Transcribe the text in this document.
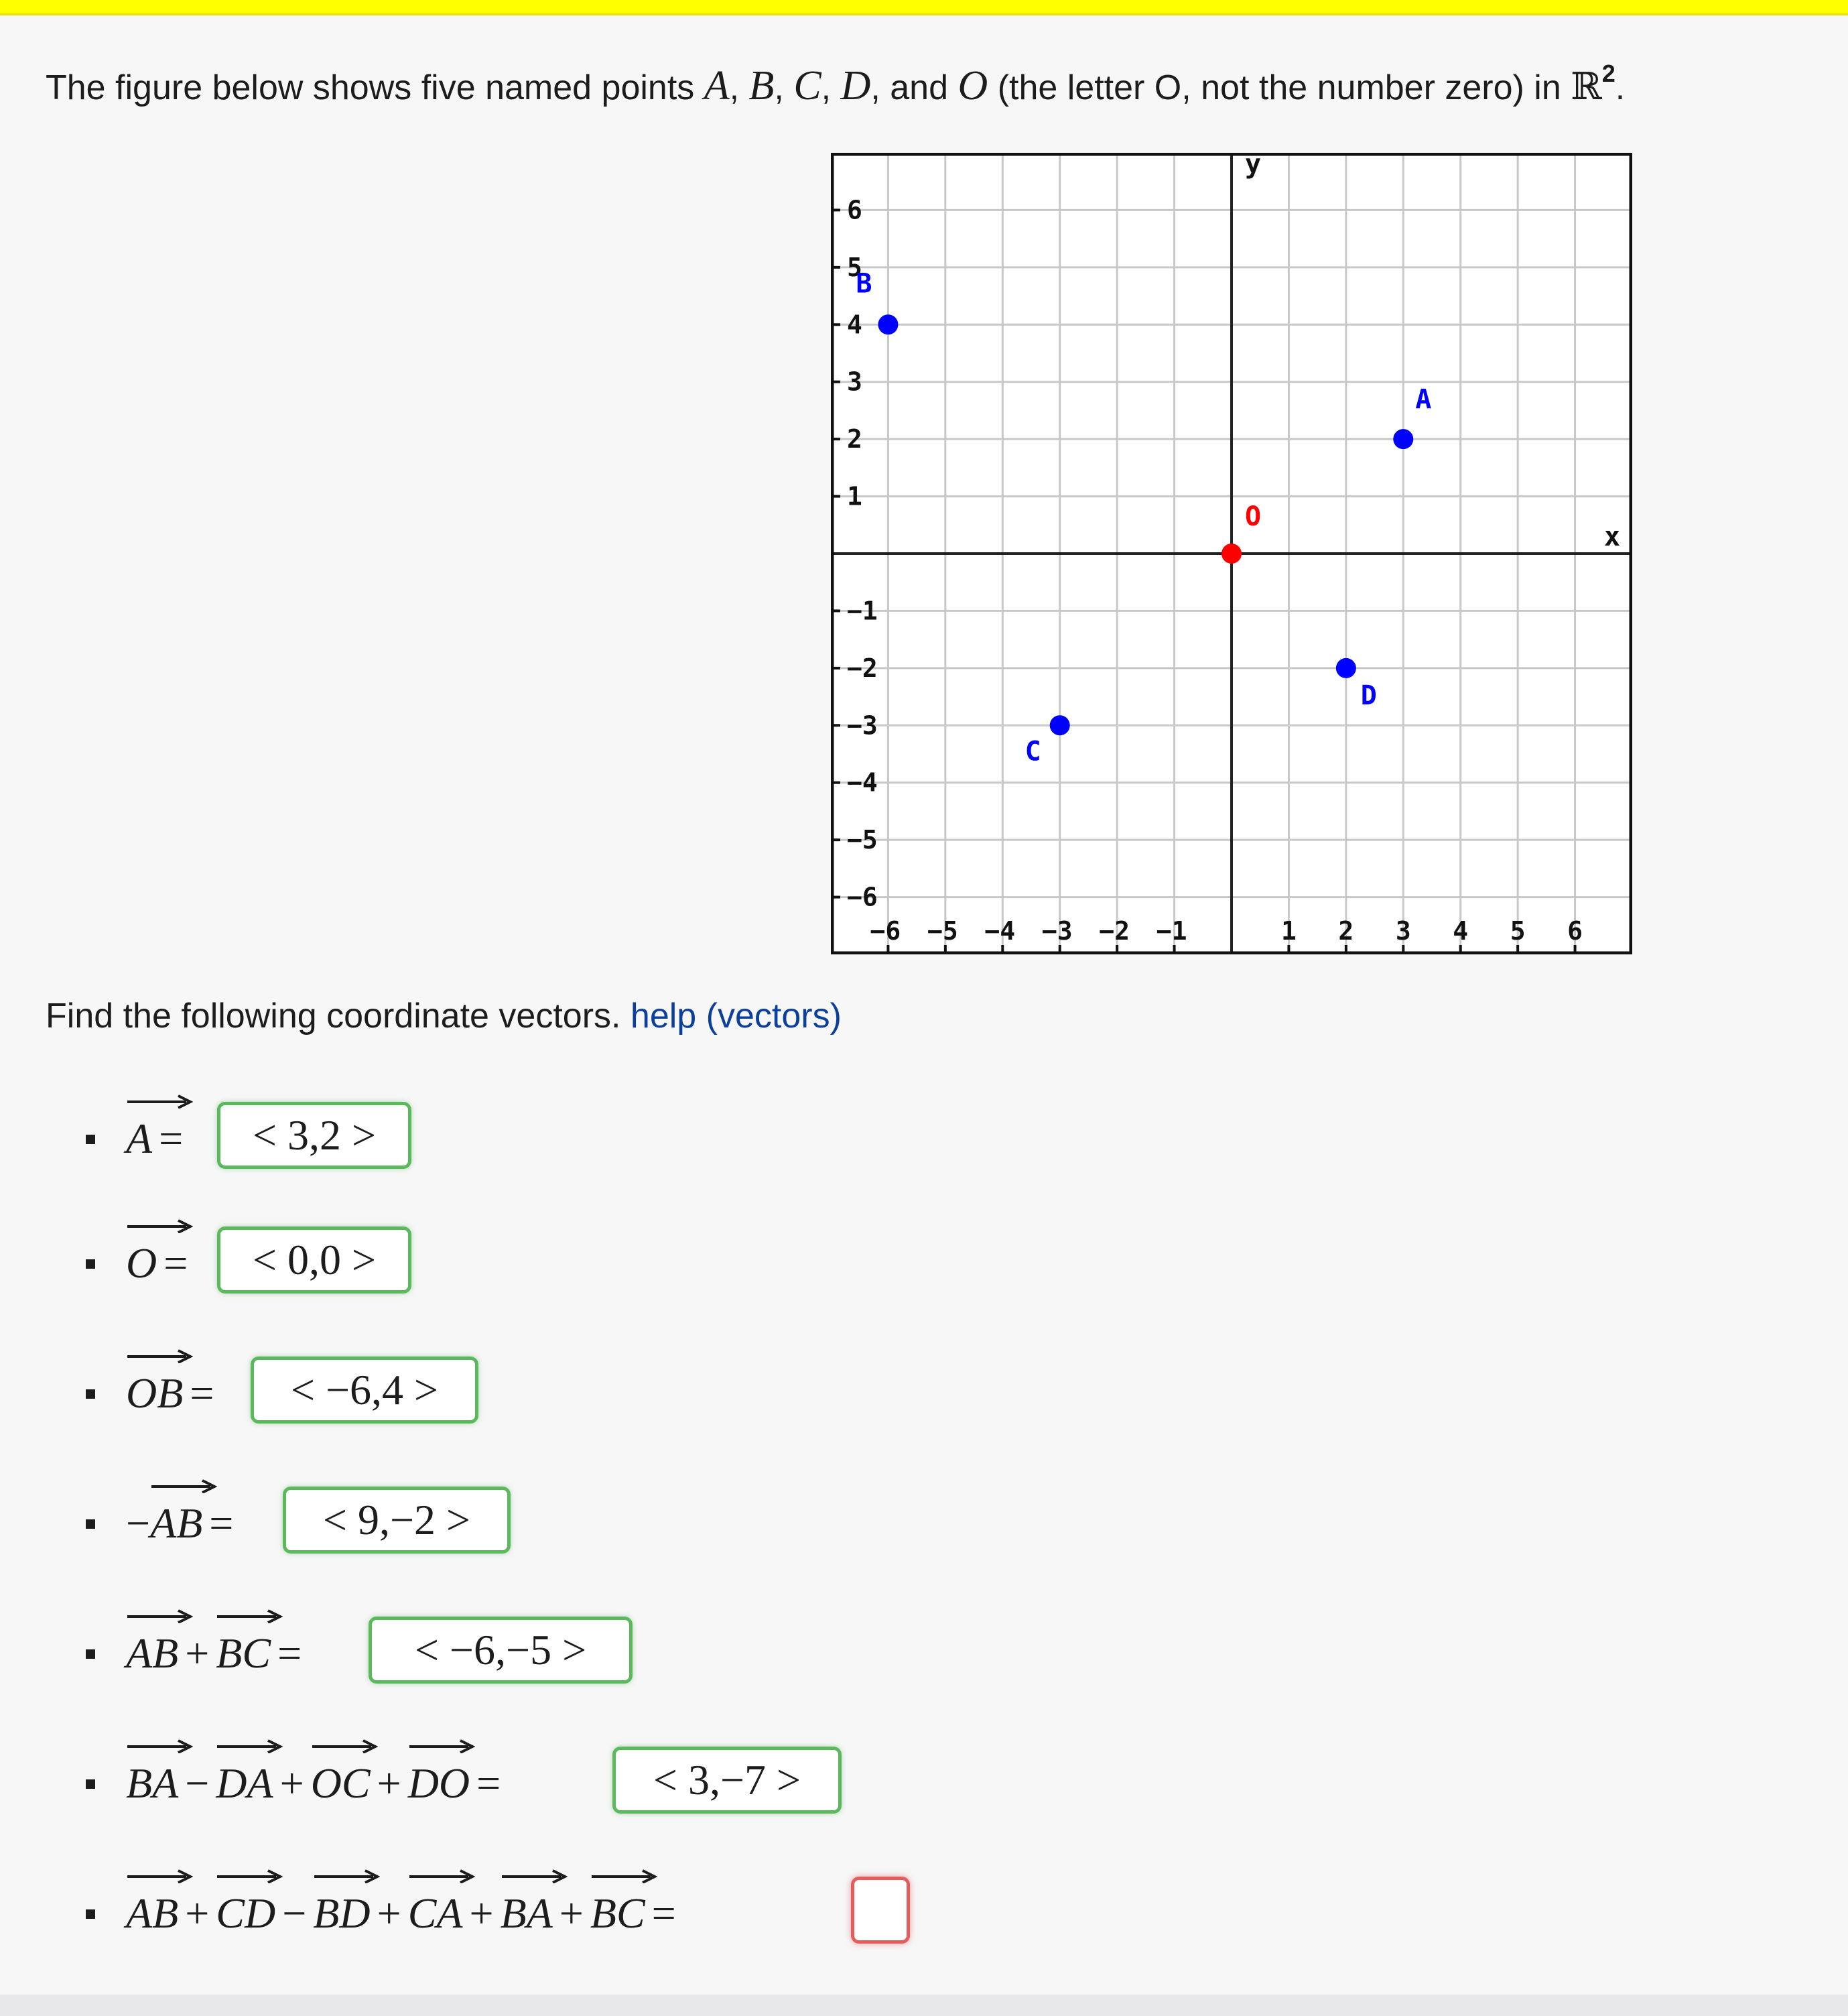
The figure below shows five named points A, B, C, D, and O (the letter O, not the number zero) in ℝ$^2$.
6
5
4
3
2
1
−1
−2
−3
−4
−5
−6
−6 −5 −4 −3 −2 −1	1 2 3 4 5 6
x
y
A
B
C
D
O
Find the following coordinate vectors. help (vectors)
A =	< 3,2 >
O =	< 0,0 >
OB =	< −6,4 >
−
AB =	< 9,−2 >
AB + BC =	< −6,−5 >
BA − DA + OC + DO =	< 3,−7 >
AB + CD − BD + CA + BA + BC =
